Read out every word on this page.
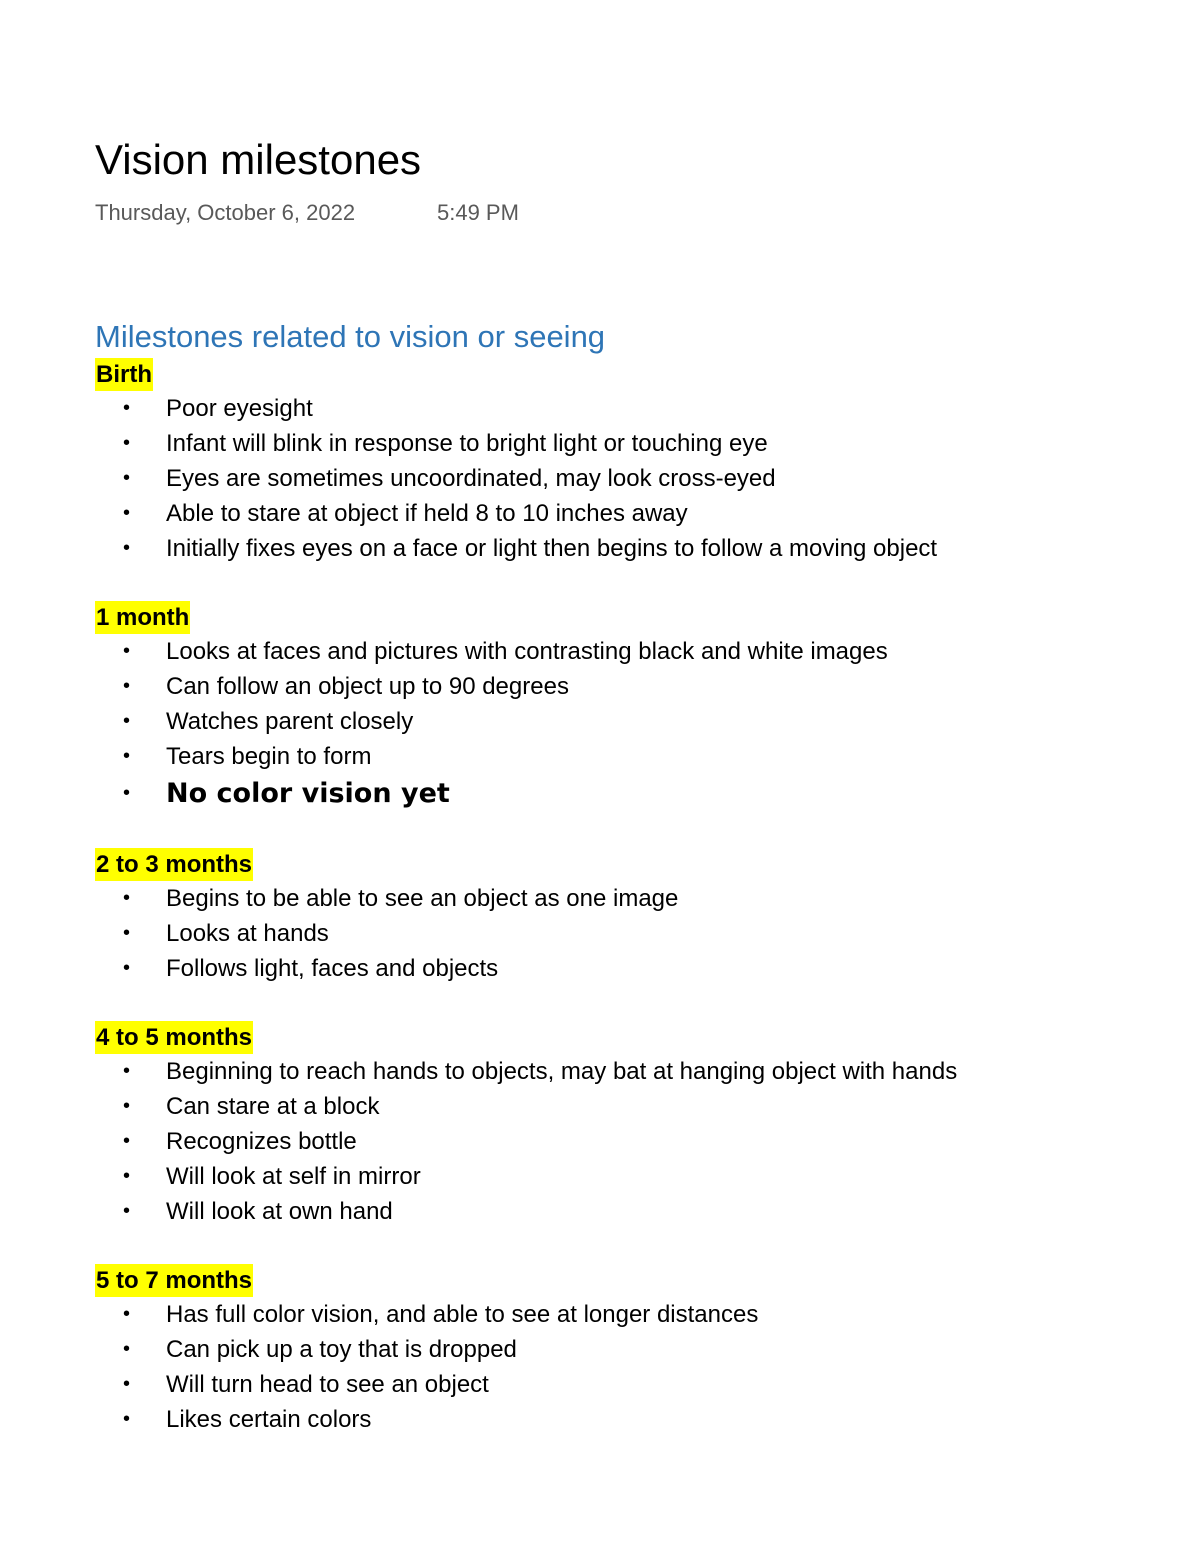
Vision milestones
Thursday, October 6, 2022	5:49 PM
Milestones related to vision or seeing
Birth
• Poor eyesight
• Infant will blink in response to bright light or touching eye
• Eyes are sometimes uncoordinated, may look cross-eyed
• Able to stare at object if held 8 to 10 inches away
• Initially fixes eyes on a face or light then begins to follow a moving object
1 month
• Looks at faces and pictures with contrasting black and white images
• Can follow an object up to 90 degrees
• Watches parent closely
• Tears begin to form
• No color vision yet
2 to 3 months
• Begins to be able to see an object as one image
• Looks at hands
• Follows light, faces and objects
4 to 5 months
• Beginning to reach hands to objects, may bat at hanging object with hands
• Can stare at a block
• Recognizes bottle
• Will look at self in mirror
• Will look at own hand
5 to 7 months
• Has full color vision, and able to see at longer distances
• Can pick up a toy that is dropped
• Will turn head to see an object
• Likes certain colors
